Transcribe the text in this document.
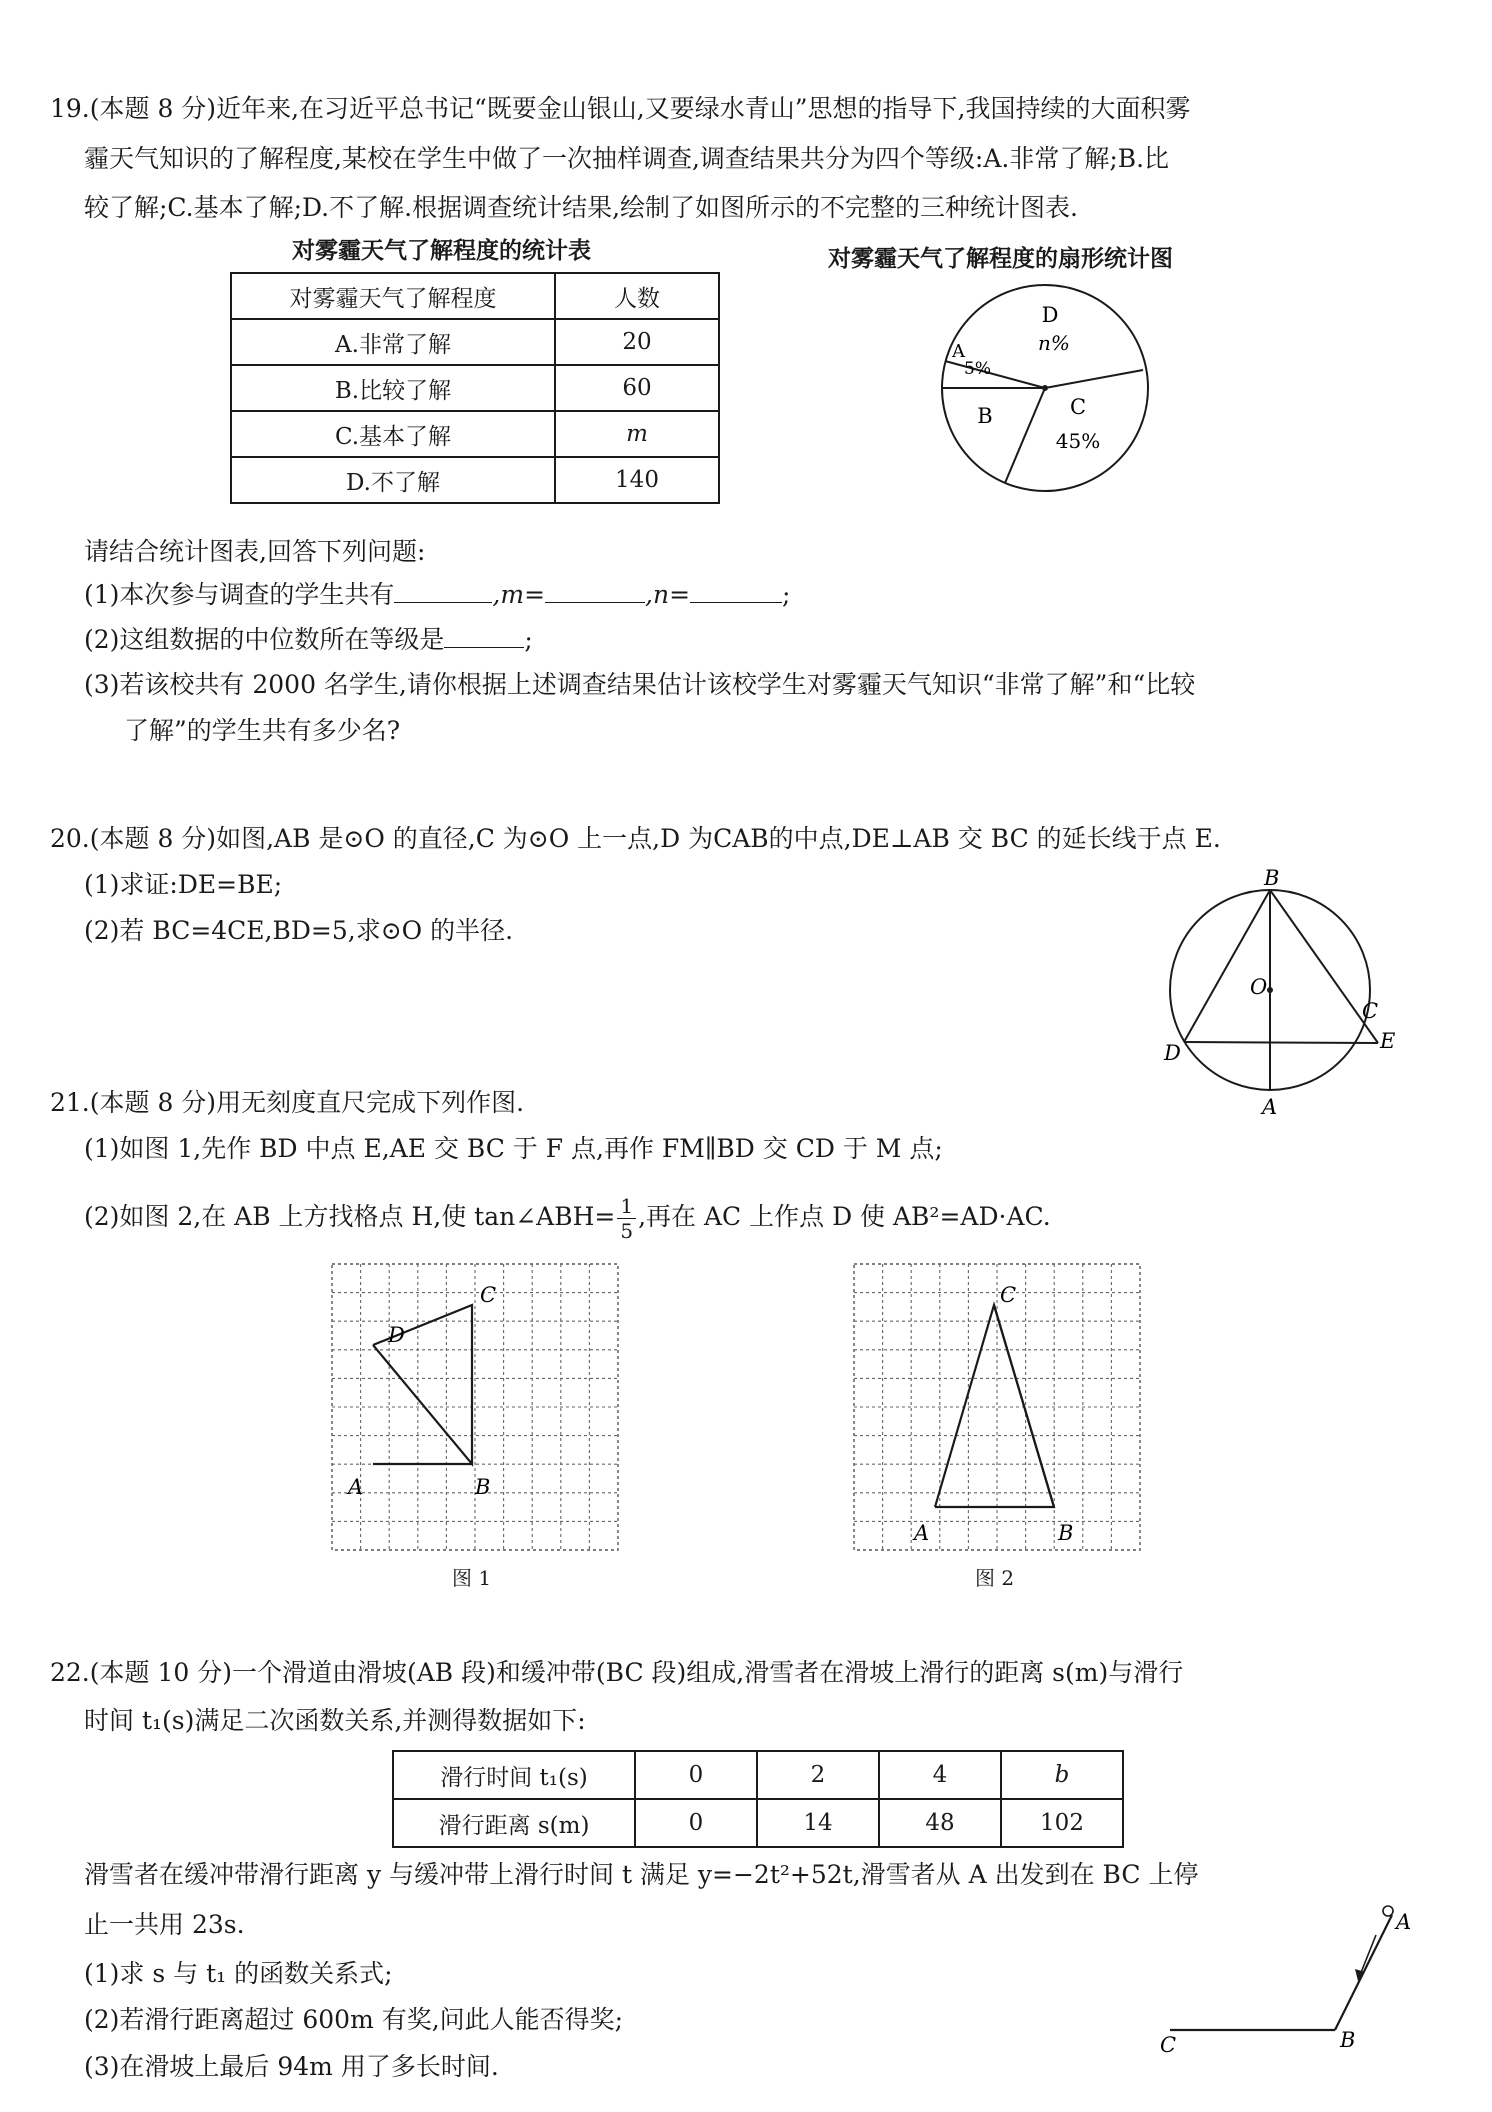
19.(本题 8 分)近年来,在习近平总书记“既要金山银山,又要绿水青山”思想的指导下,我国持续的大面积雾
霾天气知识的了解程度,某校在学生中做了一次抽样调查,调查结果共分为四个等级:A.非常了解;B.比
较了解;C.基本了解;D.不了解.根据调查统计结果,绘制了如图所示的不完整的三种统计图表.
对雾霾天气了解程度的统计表
对雾霾天气了解程度	人数
A.非常了解	20
B.比较了解	60
C.基本了解	m
D.不了解	140
对雾霾天气了解程度的扇形统计图
D
n%
A
5%
B	C
45%
请结合统计图表,回答下列问题:
(1)本次参与调查的学生共有	,m=	,n=	;
(2)这组数据的中位数所在等级是	;
(3)若该校共有 2000 名学生,请你根据上述调查结果估计该校学生对雾霾天气知识“非常了解”和“比较
了解”的学生共有多少名?
20.(本题 8 分)如图,AB 是⊙O 的直径,C 为⊙O 上一点,D 为CAB的中点,DE⊥AB 交 BC 的延长线于点 E.
(1)求证:DE=BE;
(2)若 BC=4CE,BD=5,求⊙O 的半径.
B
O
C
D	E
A
21.(本题 8 分)用无刻度直尺完成下列作图.
(1)如图 1,先作 BD 中点 E,AE 交 BC 于 F 点,再作 FM∥BD 交 CD 于 M 点;
(2)如图 2,在 AB 上方找格点 H,使 tan∠ABH= $\frac{1}{5}$ ,再在 AC 上作点 D 使 AB²=AD·AC.
A	B
C
D
图 1
A	B
C
图 2
22.(本题 10 分)一个滑道由滑坡(AB 段)和缓冲带(BC 段)组成,滑雪者在滑坡上滑行的距离 s(m)与滑行
时间 t₁(s)满足二次函数关系,并测得数据如下:
滑行时间 t₁(s)	0	2	4	b
滑行距离 s(m)	0	14	48	102
滑雪者在缓冲带滑行距离 y 与缓冲带上滑行时间 t 满足 y=−2t²+52t,滑雪者从 A 出发到在 BC 上停
止一共用 23s.
(1)求 s 与 t₁ 的函数关系式;
(2)若滑行距离超过 600m 有奖,问此人能否得奖;
(3)在滑坡上最后 94m 用了多长时间.
A
B
C
